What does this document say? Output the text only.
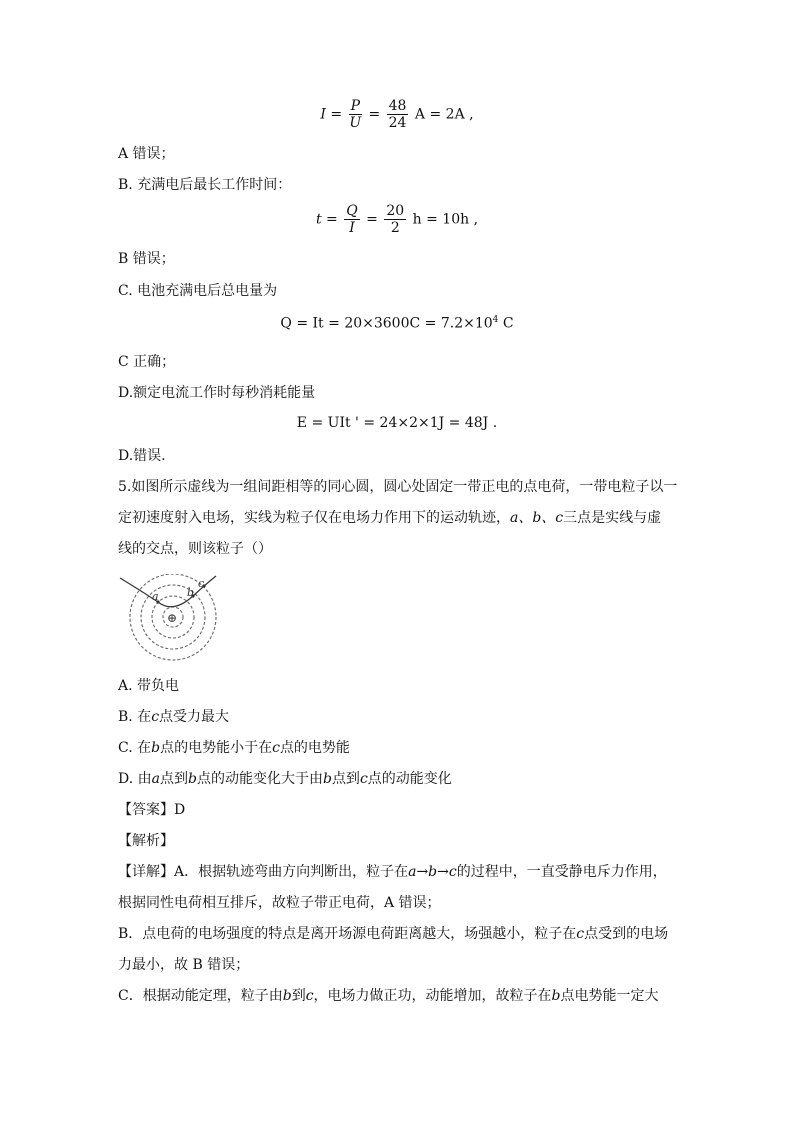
$I = \frac{P}{U} = \frac{48}{24}$ A = 2A ,
A 错误；
B. 充满电后最长工作时间：
$t = \frac{Q}{I} = \frac{20}{2}$ h = 10h ,
B 错误；
C. 电池充满电后总电量为
$Q = It = 20\times 3600C = 7.2\times 10^4$ C
C 正确；
D.额定电流工作时每秒消耗能量
E = UIt ' = 24×2×1J = 48J .
D.错误.
5.如图所示虚线为一组间距相等的同心圆，圆心处固定一带正电的点电荷，一带电粒子以一
定初速度射入电场，实线为粒子仅在电场力作用下的运动轨迹，a、b、c三点是实线与虚
线的交点，则该粒子（）
a	b
c
⊕
A. 带负电
B. 在c点受力最大
C. 在b点的电势能小于在c点的电势能
D. 由a点到b点的动能变化大于由b点到c点的动能变化
【答案】D
【解析】
【详解】A．根据轨迹弯曲方向判断出，粒子在a→b→c的过程中，一直受静电斥力作用，
根据同性电荷相互排斥，故粒子带正电荷，A 错误；
B．点电荷的电场强度的特点是离开场源电荷距离越大，场强越小，粒子在c点受到的电场
力最小，故 B 错误；
C．根据动能定理，粒子由b到c，电场力做正功，动能增加，故粒子在b点电势能一定大
